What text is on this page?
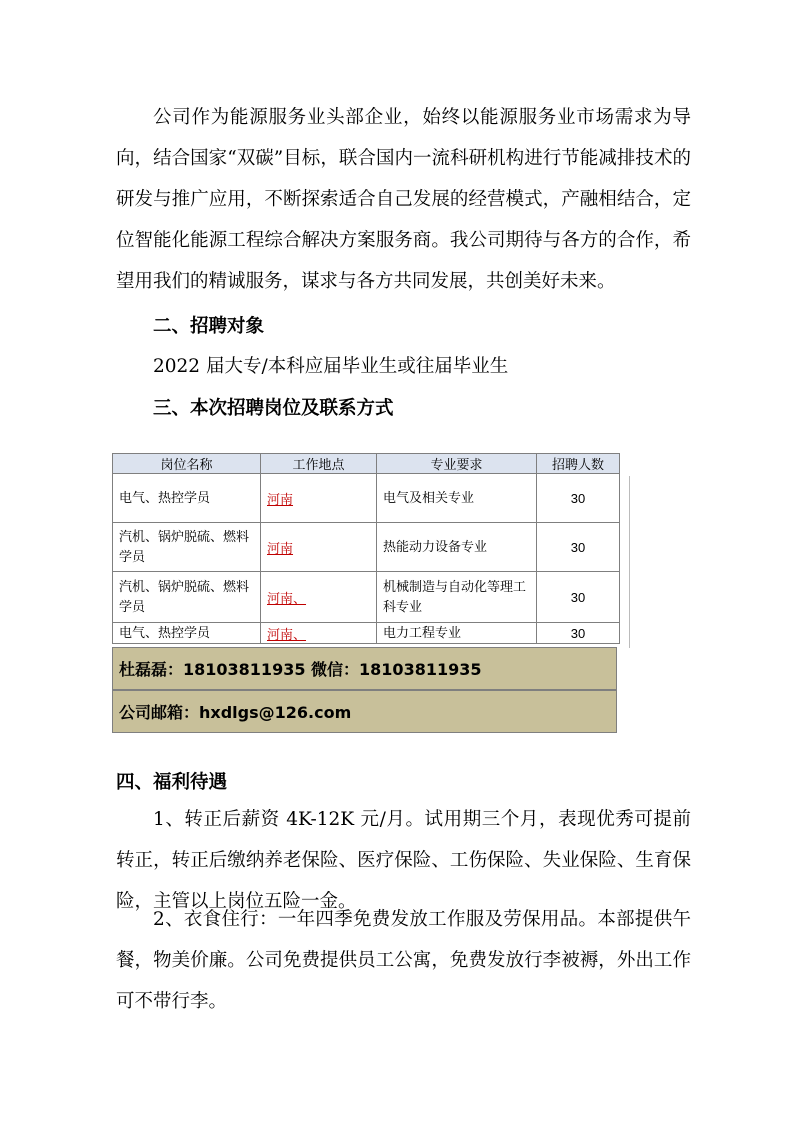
公司作为能源服务业头部企业，始终以能源服务业市场需求为导向，结合国家“双碳”目标，联合国内一流科研机构进行节能减排技术的研发与推广应用，不断探索适合自己发展的经营模式，产融相结合，定位智能化能源工程综合解决方案服务商。我公司期待与各方的合作，希望用我们的精诚服务，谋求与各方共同发展，共创美好未来。
二、招聘对象
2022 届大专/本科应届毕业生或往届毕业生
三、本次招聘岗位及联系方式
岗位名称	工作地点	专业要求	招聘人数
电气、热控学员	河南	电气及相关专业	30
汽机、锅炉脱硫、燃料学员	河南	热能动力设备专业	30
汽机、锅炉脱硫、燃料学员	河南、	机械制造与自动化等理工科专业	30
电气、热控学员	河南、	电力工程专业	30
杜磊磊：18103811935 微信：18103811935
公司邮箱：hxdlgs@126.com
四、福利待遇
1、转正后薪资 4K-12K 元/月。试用期三个月，表现优秀可提前转正，转正后缴纳养老保险、医疗保险、工伤保险、失业保险、生育保险，主管以上岗位五险一金。
2、衣食住行：一年四季免费发放工作服及劳保用品。本部提供午餐，物美价廉。公司免费提供员工公寓，免费发放行李被褥，外出工作可不带行李。
